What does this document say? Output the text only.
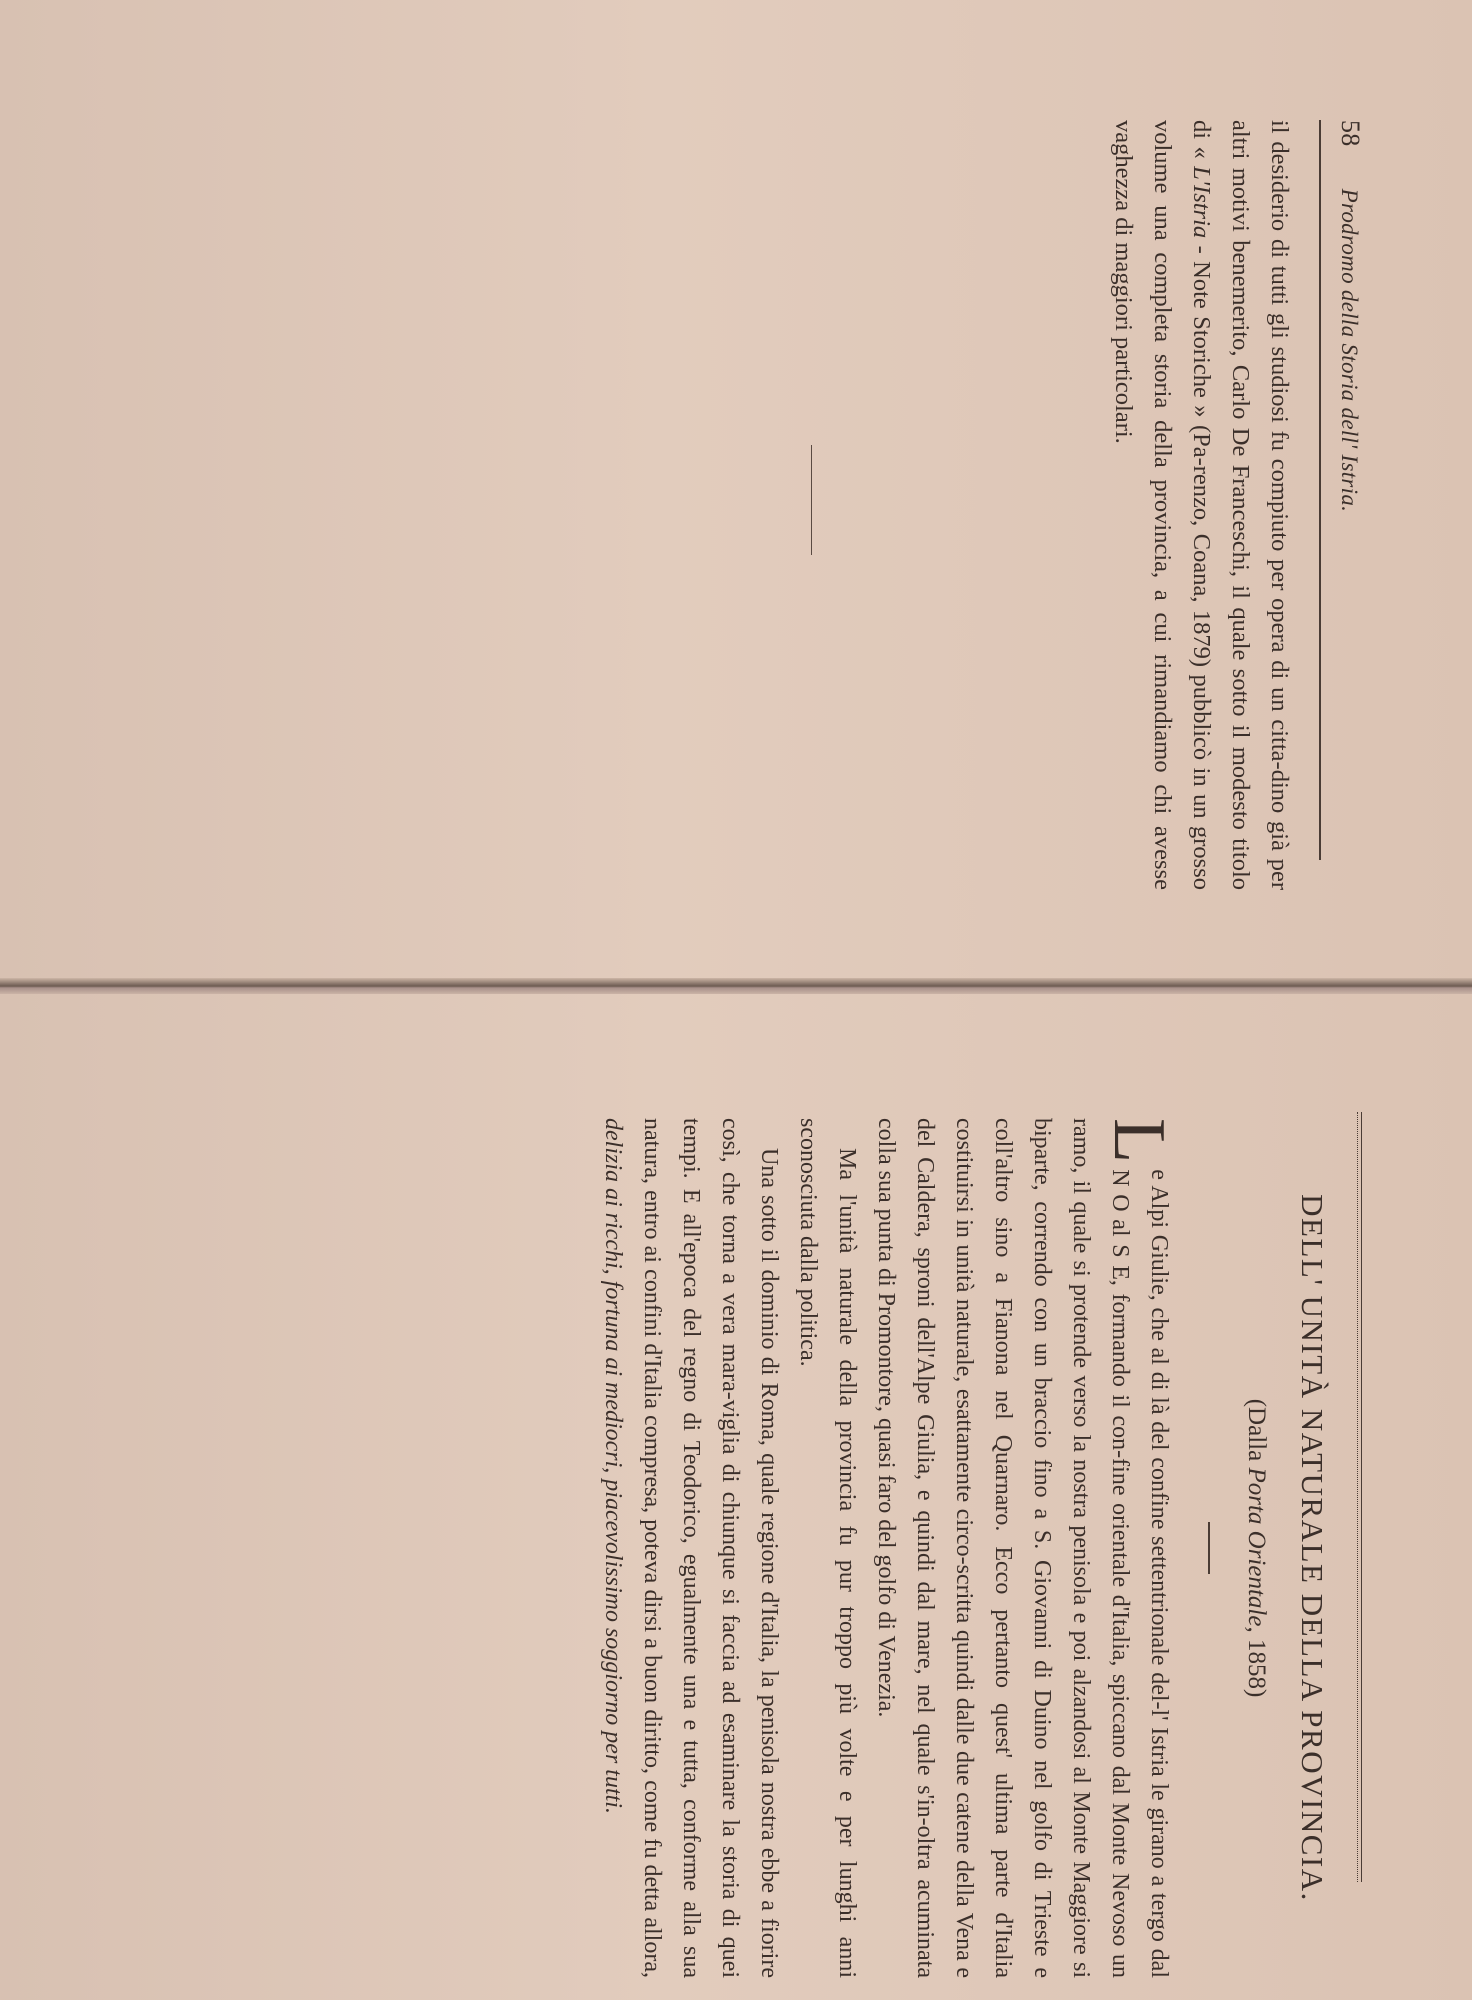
58
Prodromo della Storia dell' Istria.

il desiderio di tutti gli studiosi fu compiuto per opera di un citta-dino già per altri motivi benemerito, Carlo De Franceschi, il quale sotto il modesto titolo di « L'Istria - Note Storiche » (Pa-renzo, Coana, 1879) pubblicò in un grosso volume una completa storia della provincia, a cui rimandiamo chi avesse vaghezza di maggiori particolari.

DELL' UNITÀ NATURALE DELLA PROVINCIA.

(Dalla Porta Orientale, 1858)

L
e Alpi Giulie, che al di là del confine settentrionale del-l' Istria le girano a tergo dal N O al S E, formando il con-fine orientale d'Italia, spiccano dal Monte Nevoso un ramo, il quale si protende verso la nostra penisola e poi alzandosi al Monte Maggiore si biparte, correndo con un braccio fino a S. Giovanni di Duino nel golfo di Trieste e coll'altro sino a Fianona nel Quarnaro. Ecco pertanto quest' ultima parte d'Italia costituirsi in unità naturale, esattamente circo-scritta quindi dalle due catene della Vena e del Caldera, sproni dell'Alpe Giulia, e quindi dal mare, nel quale s'in-oltra acuminata colla sua punta di Promontore, quasi faro del golfo di Venezia.

Ma l'unità naturale della provincia fu pur troppo più volte e per lunghi anni sconosciuta dalla politica.

Una sotto il dominio di Roma, quale regione d'Italia, la penisola nostra ebbe a fiorire così, che torna a vera mara-viglia di chiunque si faccia ad esaminare la storia di quei tempi. E all'epoca del regno di Teodorico, egualmente una e tutta, conforme alla sua natura, entro ai confini d'Italia compresa, poteva dirsi a buon diritto, come fu detta allora, delizia ai ricchi, fortuna ai mediocri, piacevolissimo soggiorno per tutti.
